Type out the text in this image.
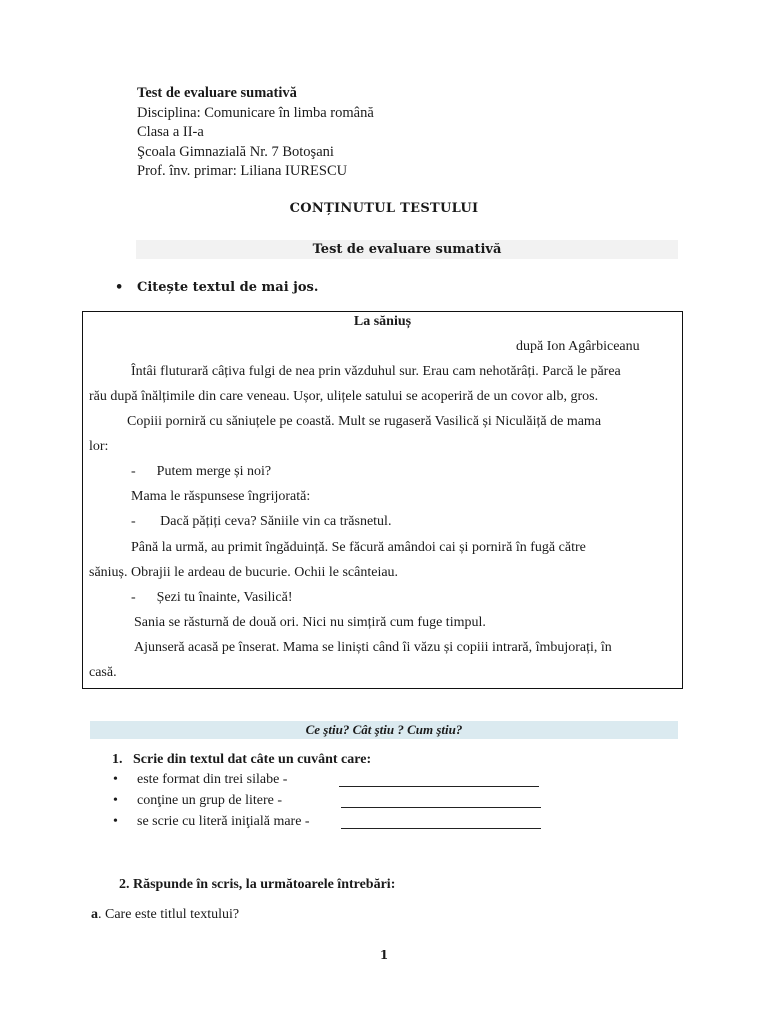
Test de evaluare sumativă
Disciplina: Comunicare în limba română
Clasa a II-a
Şcoala Gimnazială Nr. 7 Botoşani
Prof. înv. primar: Liliana IURESCU
CONȚINUTUL TESTULUI
Test de evaluare sumativă
• Citește textul de mai jos.
La săniuș
după Ion Agârbiceanu
Întâi fluturară câțiva fulgi de nea prin văzduhul sur. Erau cam nehotărâți. Parcă le părea
rău după înălțimile din care veneau. Ușor, ulițele satului se acoperiră de un covor alb, gros.
Copiii porniră cu săniuțele pe coastă. Mult se rugaseră Vasilică și Niculăiță de mama
lor:
-      Putem merge și noi?
Mama le răspunsese îngrijorată:
-       Dacă pățiți ceva? Săniile vin ca trăsnetul.
Până la urmă, au primit îngăduință. Se făcură amândoi cai și porniră în fugă către
săniuș. Obrajii le ardeau de bucurie. Ochii le scânteiau.
-      Șezi tu înainte, Vasilică!
Sania se răsturnă de două ori. Nici nu simțiră cum fuge timpul.
Ajunseră acasă pe înserat. Mama se liniști când îi văzu și copiii intrară, îmbujorați, în
casă.
Ce ştiu? Cât ştiu ? Cum ştiu?
1.   Scrie din textul dat câte un cuvânt care:
• este format din trei silabe -
• conţine un grup de litere -
• se scrie cu literă iniţială mare -
2. Răspunde în scris, la următoarele întrebări:
a. Care este titlul textului?
1
